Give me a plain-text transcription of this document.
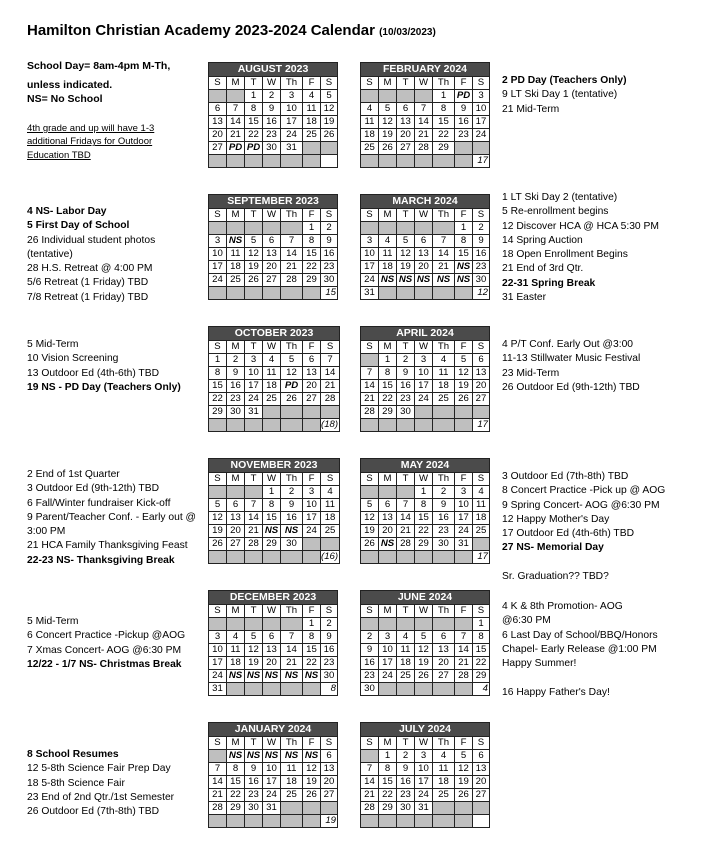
Hamilton Christian Academy 2023-2024 Calendar (10/03/2023)
School Day= 8am-4pm M-Th,
unless indicated.
NS= No School
4th grade and up will have 1-3
additional Fridays for Outdoor
Education TBD
AUGUST 2023						
S	M	T	W	Th	F	S
		1	2	3	4	5
6	7	8	9	10	11	12
13	14	15	16	17	18	19
20	21	22	23	24	25	26
27	PD	PD	30	31		

SEPTEMBER 2023						
S	M	T	W	Th	F	S
					1	2
3	NS	5	6	7	8	9
10	11	12	13	14	15	16
17	18	19	20	21	22	23
24	25	26	27	28	29	30
						15
OCTOBER 2023						
S	M	T	W	Th	F	S
1	2	3	4	5	6	7
8	9	10	11	12	13	14
15	16	17	18	PD	20	21
22	23	24	25	26	27	28
29	30	31				
						(18)
NOVEMBER 2023						
S	M	T	W	Th	F	S
			1	2	3	4
5	6	7	8	9	10	11
12	13	14	15	16	17	18
19	20	21	NS	NS	24	25
26	27	28	29	30		
						(16)
DECEMBER 2023						
S	M	T	W	Th	F	S
					1	2
3	4	5	6	7	8	9
10	11	12	13	14	15	16
17	18	19	20	21	22	23
24	NS	NS	NS	NS	NS	30
31						8
JANUARY 2024						
S	M	T	W	Th	F	S
	NS	NS	NS	NS	NS	6
7	8	9	10	11	12	13
14	15	16	17	18	19	20
21	22	23	24	25	26	27
28	29	30	31			
						19
FEBRUARY 2024						
S	M	T	W	Th	F	S
				1	PD	3
4	5	6	7	8	9	10
11	12	13	14	15	16	17
18	19	20	21	22	23	24
25	26	27	28	29		
						17
MARCH 2024						
S	M	T	W	Th	F	S
					1	2
3	4	5	6	7	8	9
10	11	12	13	14	15	16
17	18	19	20	21	NS	23
24	NS	NS	NS	NS	NS	30
31						12
APRIL 2024						
S	M	T	W	Th	F	S
	1	2	3	4	5	6
7	8	9	10	11	12	13
14	15	16	17	18	19	20
21	22	23	24	25	26	27
28	29	30				
						17
MAY 2024						
S	M	T	W	Th	F	S
			1	2	3	4
5	6	7	8	9	10	11
12	13	14	15	16	17	18
19	20	21	22	23	24	25
26	NS	28	29	30	31	
						17
JUNE 2024						
S	M	T	W	Th	F	S
						1
2	3	4	5	6	7	8
9	10	11	12	13	14	15
16	17	18	19	20	21	22
23	24	25	26	27	28	29
30						4
JULY 2024						
S	M	T	W	Th	F	S
	1	2	3	4	5	6
7	8	9	10	11	12	13
14	15	16	17	18	19	20
21	22	23	24	25	26	27
28	29	30	31			

4 NS- Labor Day
5 First Day of School
26 Individual student photos
(tentative)
28 H.S. Retreat @ 4:00 PM
5/6 Retreat (1 Friday) TBD
7/8 Retreat (1 Friday) TBD
5 Mid-Term
10 Vision Screening
13 Outdoor Ed (4th-6th) TBD
19 NS - PD Day (Teachers Only)
2 End of 1st Quarter
3 Outdoor Ed (9th-12th) TBD
6 Fall/Winter fundraiser Kick-off
9 Parent/Teacher Conf. - Early out @
3:00 PM
21 HCA Family Thanksgiving Feast
22-23 NS- Thanksgiving Break
5 Mid-Term
6 Concert Practice -Pickup @AOG
7 Xmas Concert- AOG @6:30 PM
12/22 - 1/7 NS- Christmas Break
8 School Resumes
12 5-8th Science Fair Prep Day
18 5-8th Science Fair
23 End of 2nd Qtr./1st Semester
26 Outdoor Ed (7th-8th) TBD
2 PD Day (Teachers Only)
9 LT Ski Day 1 (tentative)
21 Mid-Term
1 LT Ski Day 2 (tentative)
5 Re-enrollment begins
12 Discover HCA @ HCA 5:30 PM
14 Spring Auction
18 Open Enrollment Begins
21 End of 3rd Qtr.
22-31 Spring Break
31 Easter
4 P/T Conf. Early Out @3:00
11-13 Stillwater Music Festival
23 Mid-Term
26 Outdoor Ed (9th-12th) TBD
3 Outdoor Ed (7th-8th) TBD
8 Concert Practice -Pick up @ AOG
9 Spring Concert- AOG @6:30 PM
12 Happy Mother's Day
17 Outdoor Ed (4th-6th) TBD
27 NS- Memorial Day

Sr. Graduation?? TBD?
4 K & 8th Promotion- AOG
@6:30 PM
6 Last Day of School/BBQ/Honors
Chapel- Early Release @1:00 PM
Happy Summer!

16 Happy Father's Day!
